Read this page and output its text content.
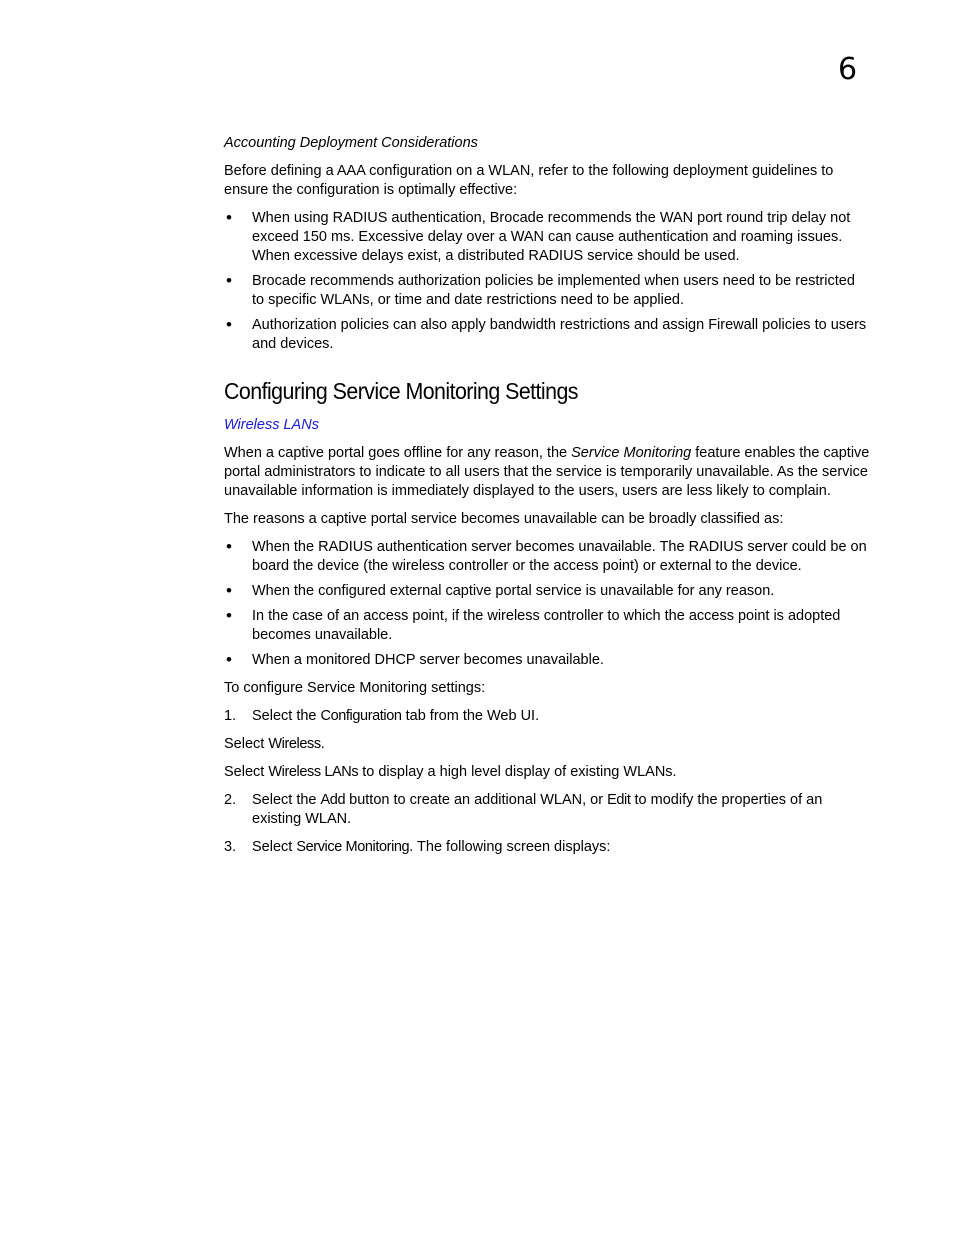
6
Accounting Deployment Considerations

Before defining a AAA configuration on a WLAN, refer to the following deployment guidelines to ensure the configuration is optimally effective:

• When using RADIUS authentication, Brocade recommends the WAN port round trip delay not exceed 150 ms. Excessive delay over a WAN can cause authentication and roaming issues. When excessive delays exist, a distributed RADIUS service should be used.
• Brocade recommends authorization policies be implemented when users need to be restricted to specific WLANs, or time and date restrictions need to be applied.
• Authorization policies can also apply bandwidth restrictions and assign Firewall policies to users and devices.
Configuring Service Monitoring Settings
Wireless LANs

When a captive portal goes offline for any reason, the Service Monitoring feature enables the captive portal administrators to indicate to all users that the service is temporarily unavailable. As the service unavailable information is immediately displayed to the users, users are less likely to complain.

The reasons a captive portal service becomes unavailable can be broadly classified as:

• When the RADIUS authentication server becomes unavailable. The RADIUS server could be on board the device (the wireless controller or the access point) or external to the device.
• When the configured external captive portal service is unavailable for any reason.
• In the case of an access point, if the wireless controller to which the access point is adopted becomes unavailable.
• When a monitored DHCP server becomes unavailable.

To configure Service Monitoring settings:

1. Select the Configuration tab from the Web UI.
Select Wireless.
Select Wireless LANs to display a high level display of existing WLANs.
2. Select the Add button to create an additional WLAN, or Edit to modify the properties of an existing WLAN.
3. Select Service Monitoring. The following screen displays:
